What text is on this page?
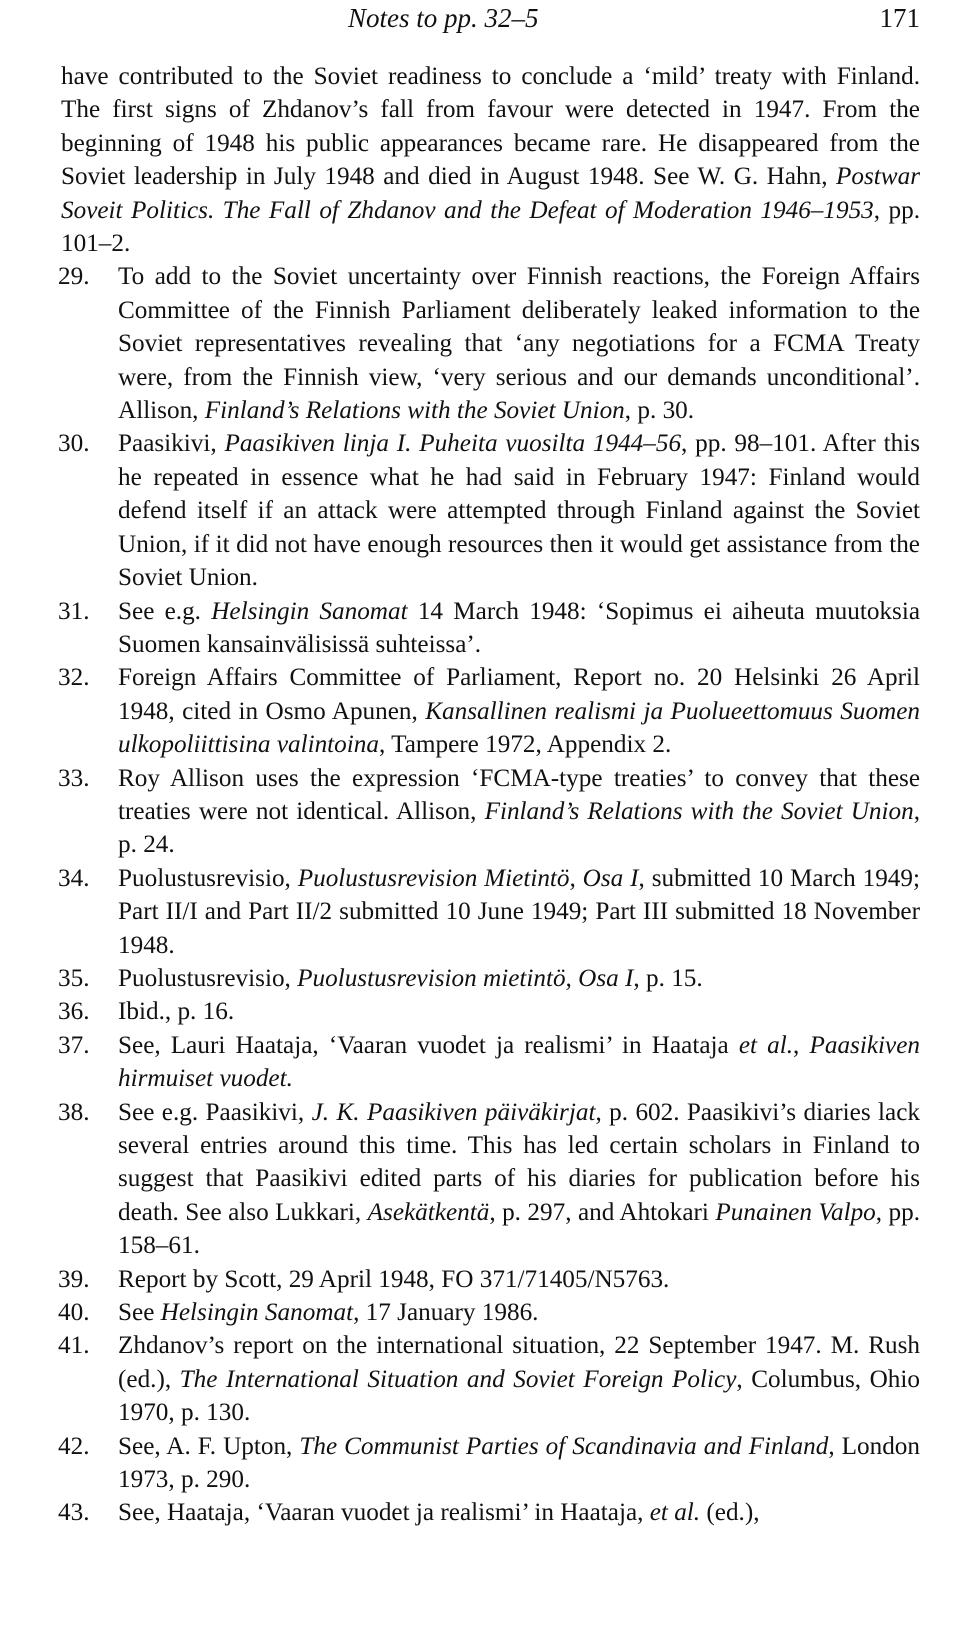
Notes to pp. 32–5	171
have contributed to the Soviet readiness to conclude a ‘mild’ treaty with Finland. The first signs of Zhdanov’s fall from favour were detected in 1947. From the beginning of 1948 his public appearances became rare. He disappeared from the Soviet leadership in July 1948 and died in August 1948. See W. G. Hahn, Postwar Soveit Politics. The Fall of Zhdanov and the Defeat of Moderation 1946–1953, pp. 101–2.
29.	To add to the Soviet uncertainty over Finnish reactions, the Foreign Affairs Committee of the Finnish Parliament deliberately leaked information to the Soviet representatives revealing that ‘any negotiations for a FCMA Treaty were, from the Finnish view, ‘very serious and our demands unconditional’. Allison, Finland’s Relations with the Soviet Union, p. 30.
30.	Paasikivi, Paasikiven linja I. Puheita vuosilta 1944–56, pp. 98–101. After this he repeated in essence what he had said in February 1947: Finland would defend itself if an attack were attempted through Finland against the Soviet Union, if it did not have enough resources then it would get assistance from the Soviet Union.
31.	See e.g. Helsingin Sanomat 14 March 1948: ‘Sopimus ei aiheuta muutoksia Suomen kansainvälisissä suhteissa’.
32.	Foreign Affairs Committee of Parliament, Report no. 20 Helsinki 26 April 1948, cited in Osmo Apunen, Kansallinen realismi ja Puolueettomuus Suomen ulkopoliittisina valintoina, Tampere 1972, Appendix 2.
33.	Roy Allison uses the expression ‘FCMA-type treaties’ to convey that these treaties were not identical. Allison, Finland’s Relations with the Soviet Union, p. 24.
34.	Puolustusrevisio, Puolustusrevision Mietintö, Osa I, submitted 10 March 1949; Part II/I and Part II/2 submitted 10 June 1949; Part III submitted 18 November 1948.
35.	Puolustusrevisio, Puolustusrevision mietintö, Osa I, p. 15.
36.	Ibid., p. 16.
37.	See, Lauri Haataja, ‘Vaaran vuodet ja realismi’ in Haataja et al., Paasikiven hirmuiset vuodet.
38.	See e.g. Paasikivi, J. K. Paasikiven päiväkirjat, p. 602. Paasikivi’s diaries lack several entries around this time. This has led certain scholars in Finland to suggest that Paasikivi edited parts of his diaries for publication before his death. See also Lukkari, Asekätkentä, p. 297, and Ahtokari Punainen Valpo, pp. 158–61.
39.	Report by Scott, 29 April 1948, FO 371/71405/N5763.
40.	See Helsingin Sanomat, 17 January 1986.
41.	Zhdanov’s report on the international situation, 22 September 1947. M. Rush (ed.), The International Situation and Soviet Foreign Policy, Columbus, Ohio 1970, p. 130.
42.	See, A. F. Upton, The Communist Parties of Scandinavia and Finland, London 1973, p. 290.
43.	See, Haataja, ‘Vaaran vuodet ja realismi’ in Haataja, et al. (ed.),
